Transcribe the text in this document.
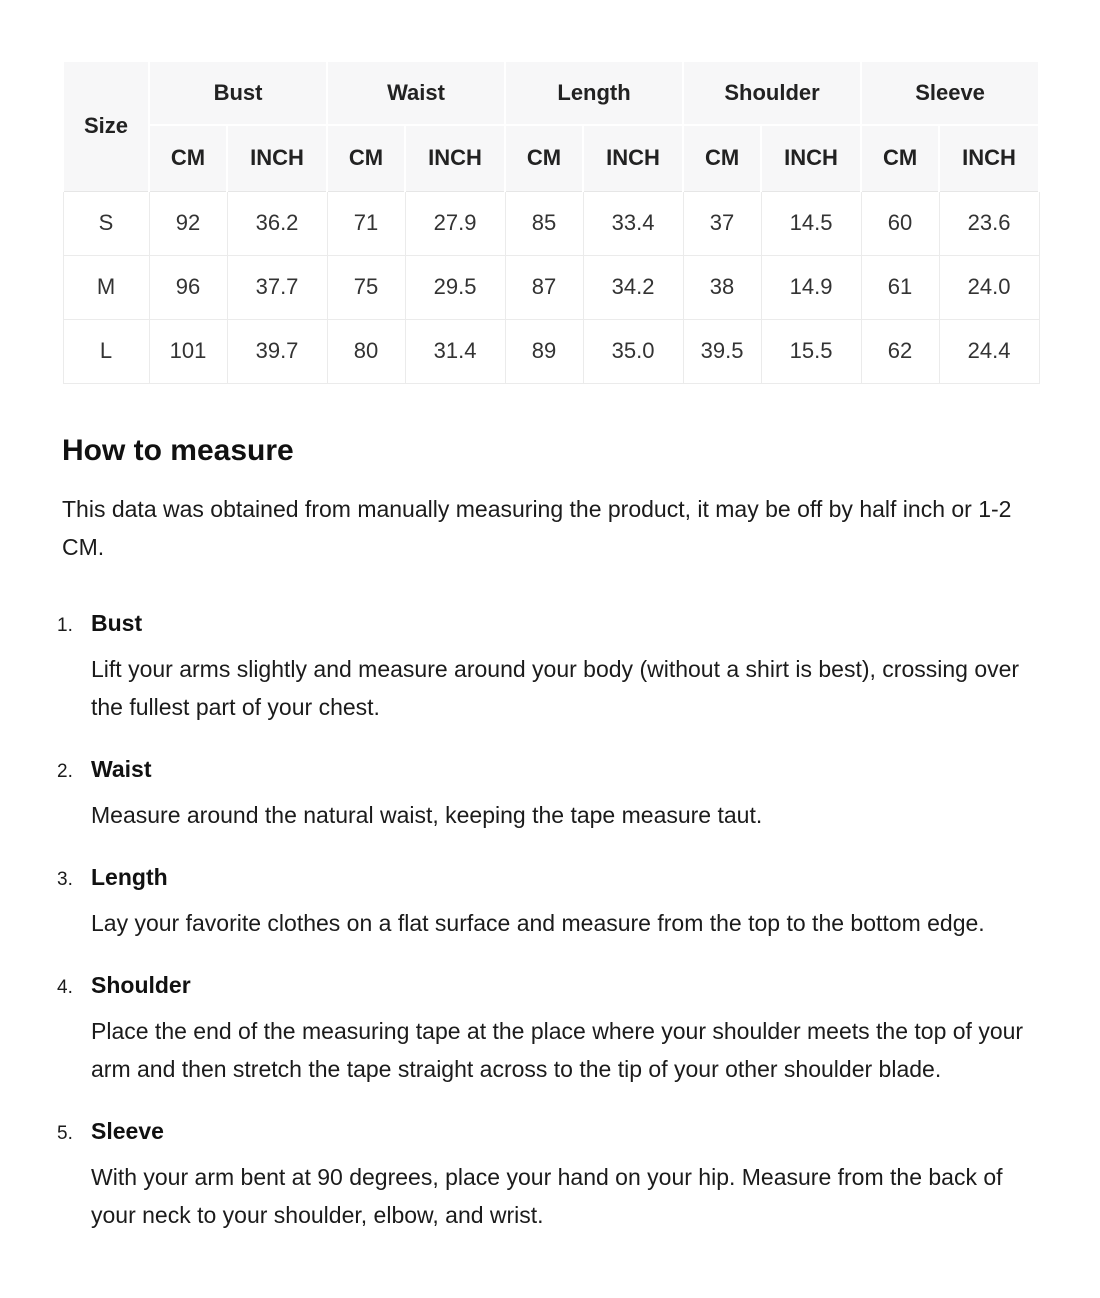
Size	Bust		Waist		Length		Shoulder		Sleeve	
	CM	INCH	CM	INCH	CM	INCH	CM	INCH	CM	INCH
S	92	36.2	71	27.9	85	33.4	37	14.5	60	23.6
M	96	37.7	75	29.5	87	34.2	38	14.9	61	24.0
L	101	39.7	80	31.4	89	35.0	39.5	15.5	62	24.4
How to measure

This data was obtained from manually measuring the product, it may be off by half inch or 1-2 CM.

1. Bust

Lift your arms slightly and measure around your body (without a shirt is best), crossing over the fullest part of your chest.

2. Waist

Measure around the natural waist, keeping the tape measure taut.

3. Length

Lay your favorite clothes on a flat surface and measure from the top to the bottom edge.

4. Shoulder

Place the end of the measuring tape at the place where your shoulder meets the top of your arm and then stretch the tape straight across to the tip of your other shoulder blade.

5. Sleeve

With your arm bent at 90 degrees, place your hand on your hip. Measure from the back of your neck to your shoulder, elbow, and wrist.
